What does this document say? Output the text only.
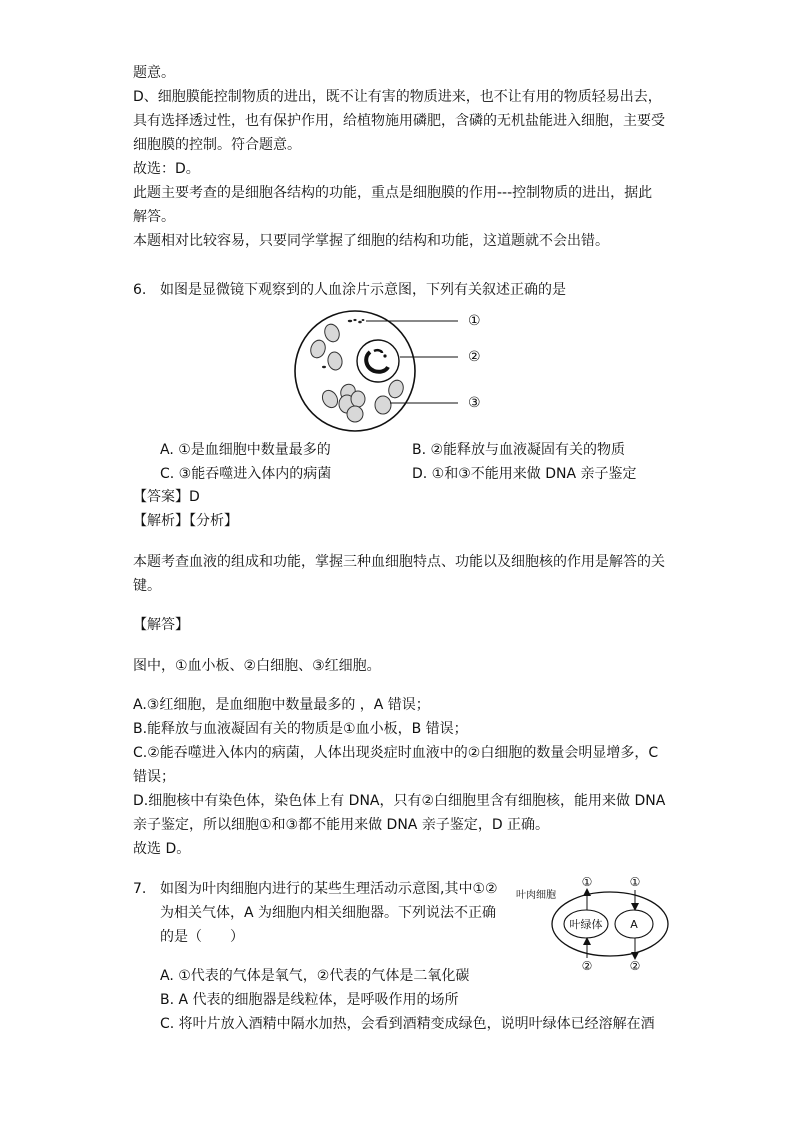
题意。
D、细胞膜能控制物质的进出，既不让有害的物质进来，也不让有用的物质轻易出去，
具有选择透过性，也有保护作用，给植物施用磷肥，含磷的无机盐能进入细胞，主要受
细胞膜的控制。符合题意。
故选：D。
此题主要考查的是细胞各结构的功能，重点是细胞膜的作用---控制物质的进出，据此
解答。
本题相对比较容易，只要同学掌握了细胞的结构和功能，这道题就不会出错。
6. 如图是显微镜下观察到的人血涂片示意图，下列有关叙述正确的是
①
②
③
A. ①是血细胞中数量最多的	B. ②能释放与血液凝固有关的物质
C. ③能吞噬进入体内的病菌	D. ①和③不能用来做 DNA 亲子鉴定
【答案】D
【解析】【分析】
本题考查血液的组成和功能，掌握三种血细胞特点、功能以及细胞核的作用是解答的关
键。
【解答】
图中，①血小板、②白细胞、③红细胞。
A.③红细胞，是血细胞中数量最多的 ，A 错误；
B.能释放与血液凝固有关的物质是①血小板，B 错误；
C.②能吞噬进入体内的病菌，人体出现炎症时血液中的②白细胞的数量会明显增多，C
错误；
D.细胞核中有染色体，染色体上有 DNA，只有②白细胞里含有细胞核，能用来做 DNA
亲子鉴定，所以细胞①和③都不能用来做 DNA 亲子鉴定，D 正确。
故选 D。
7. 如图为叶肉细胞内进行的某些生理活动示意图,其中①②
为相关气体，A 为细胞内相关细胞器。下列说法不正确
的是（　　）
叶肉细胞
叶绿体	A
①	①
②	②
A. ①代表的气体是氧气，②代表的气体是二氧化碳
B. A 代表的细胞器是线粒体，是呼吸作用的场所
C. 将叶片放入酒精中隔水加热，会看到酒精变成绿色，说明叶绿体已经溶解在酒
